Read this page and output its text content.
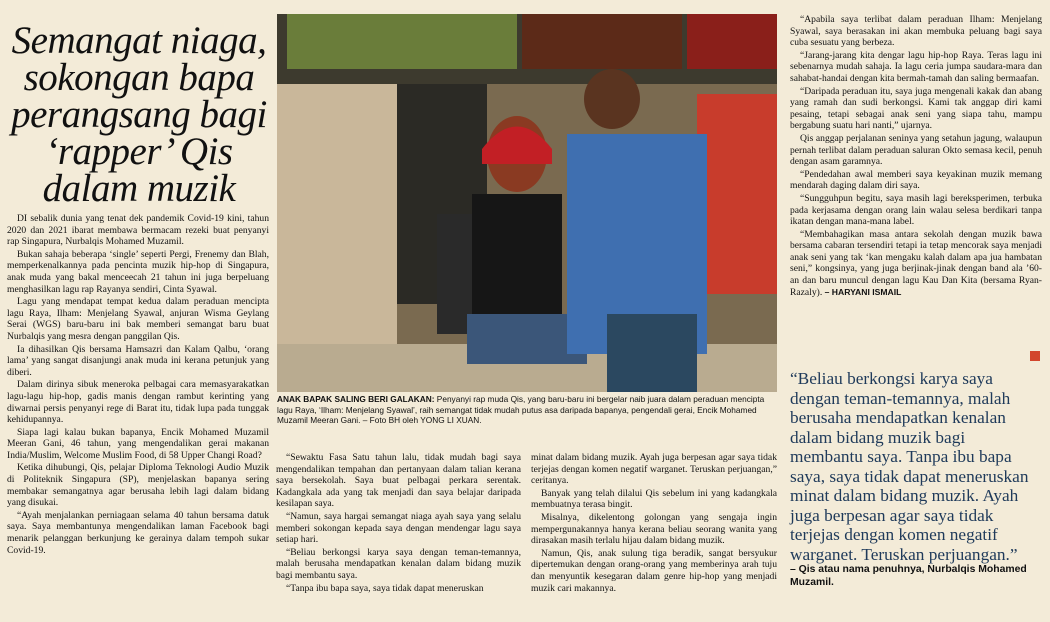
Semangat niaga, sokongan bapa perangsang bagi ‘rapper’ Qis dalam muzik

DI sebalik dunia yang tenat dek pandemik Covid-19 kini, tahun 2020 dan 2021 ibarat membawa bermacam rezeki buat penyanyi rap Singapura, Nurbalqis Mohamed Muzamil.

Bukan sahaja beberapa ‘single’ seperti Pergi, Frenemy dan Blah, memperkenalkannya pada pencinta muzik hip-hop di Singapura, anak muda yang bakal menceecah 21 tahun ini juga berpeluang menghasilkan lagu rap Rayanya sendiri, Cinta Syawal.

Lagu yang mendapat tempat kedua dalam peraduan mencipta lagu Raya, Ilham: Menjelang Syawal, anjuran Wisma Geylang Serai (WGS) baru-baru ini bak memberi semangat baru buat Nurbalqis yang mesra dengan panggilan Qis.

Ia dihasilkan Qis bersama Hamsazri dan Kalam Qalbu, ‘orang lama’ yang sangat disanjungi anak muda ini kerana petunjuk yang diberi.

Dalam dirinya sibuk meneroka pelbagai cara memasyarakatkan lagu-lagu hip-hop, gadis manis dengan rambut kerinting yang diwarnai persis penyanyi rege di Barat itu, tidak lupa pada tunggak kehidupannya.

Siapa lagi kalau bukan bapanya, Encik Mohamed Muzamil Meeran Gani, 46 tahun, yang mengendalikan gerai makanan India/Muslim, Welcome Muslim Food, di 58 Upper Changi Road?

Ketika dihubungi, Qis, pelajar Diploma Teknologi Audio Muzik di Politeknik Singapura (SP), menjelaskan bapanya sering membakar semangatnya agar berusaha lebih lagi dalam bidang yang disukai.

“Ayah menjalankan perniagaan selama 40 tahun bersama datuk saya. Saya membantunya mengendalikan laman Facebook bagi menarik pelanggan berkunjung ke gerainya dalam tempoh sukar Covid-19.

ANAK BAPAK SALING BERI GALAKAN: Penyanyi rap muda Qis, yang baru-baru ini bergelar naib juara dalam peraduan mencipta lagu Raya, ‘Ilham: Menjelang Syawal’, raih semangat tidak mudah putus asa daripada bapanya, pengendali gerai, Encik Mohamed Muzamil Meeran Gani. – Foto BH oleh YONG LI XUAN.

“Sewaktu Fasa Satu tahun lalu, tidak mudah bagi saya mengendalikan tempahan dan pertanyaan dalam talian kerana saya bersekolah. Saya buat pelbagai perkara serentak. Kadangkala ada yang tak menjadi dan saya belajar daripada kesilapan saya.

“Namun, saya hargai semangat niaga ayah saya yang selalu memberi sokongan kepada saya dengan mendengar lagu saya setiap hari.

“Beliau berkongsi karya saya dengan teman-temannya, malah berusaha mendapatkan kenalan dalam bidang muzik bagi membantu saya.

“Tanpa ibu bapa saya, saya tidak dapat meneruskan

minat dalam bidang muzik. Ayah juga berpesan agar saya tidak terjejas dengan komen negatif warganet. Teruskan perjuangan,” ceritanya.

Banyak yang telah dilalui Qis sebelum ini yang kadangkala membuatnya terasa bingit.

Misalnya, dikelentong golongan yang sengaja ingin mempergunakannya hanya kerana beliau seorang wanita yang dirasakan masih terlalu hijau dalam bidang muzik.

Namun, Qis, anak sulung tiga beradik, sangat bersyukur dipertemukan dengan orang-orang yang memberinya arah tuju dan menyuntik kesegaran dalam genre hip-hop yang menjadi muzik cari makannya.

“Apabila saya terlibat dalam peraduan Ilham: Menjelang Syawal, saya berasakan ini akan membuka peluang bagi saya cuba sesuatu yang berbeza.

“Jarang-jarang kita dengar lagu hip-hop Raya. Teras lagu ini sebenarnya mudah sahaja. Ia lagu ceria jumpa saudara-mara dan sahabat-handai dengan kita bermah-tamah dan saling bermaafan.

“Daripada peraduan itu, saya juga mengenali kakak dan abang yang ramah dan sudi berkongsi. Kami tak anggap diri kami pesaing, tetapi sebagai anak seni yang siapa tahu, mampu bergabung suatu hari nanti,” ujarnya.

Qis anggap perjalanan seninya yang setahun jagung, walaupun pernah terlibat dalam peraduan saluran Okto semasa kecil, penuh dengan asam garamnya.

“Pendedahan awal memberi saya keyakinan muzik memang mendarah daging dalam diri saya.

“Sungguhpun begitu, saya masih lagi bereksperimen, terbuka pada kerjasama dengan orang lain walau selesa berdikari tanpa ikatan dengan mana-mana label.

“Membahagikan masa antara sekolah dengan muzik bawa bersama cabaran tersendiri tetapi ia tetap mencorak saya menjadi anak seni yang tak ‘kan mengaku kalah dalam apa jua hambatan seni,” kongsinya, yang juga berjinak-jinak dengan band ala ’60-an dan baru muncul dengan lagu Kau Dan Kita (bersama Ryan-Razaly). – HARYANI ISMAIL

“Beliau berkongsi karya saya dengan teman-temannya, malah berusaha mendapatkan kenalan dalam bidang muzik bagi membantu saya. Tanpa ibu bapa saya, saya tidak dapat meneruskan minat dalam bidang muzik. Ayah juga berpesan agar saya tidak terjejas dengan komen negatif warganet. Teruskan perjuangan.”
– Qis atau nama penuhnya, Nurbalqis Mohamed Muzamil.
